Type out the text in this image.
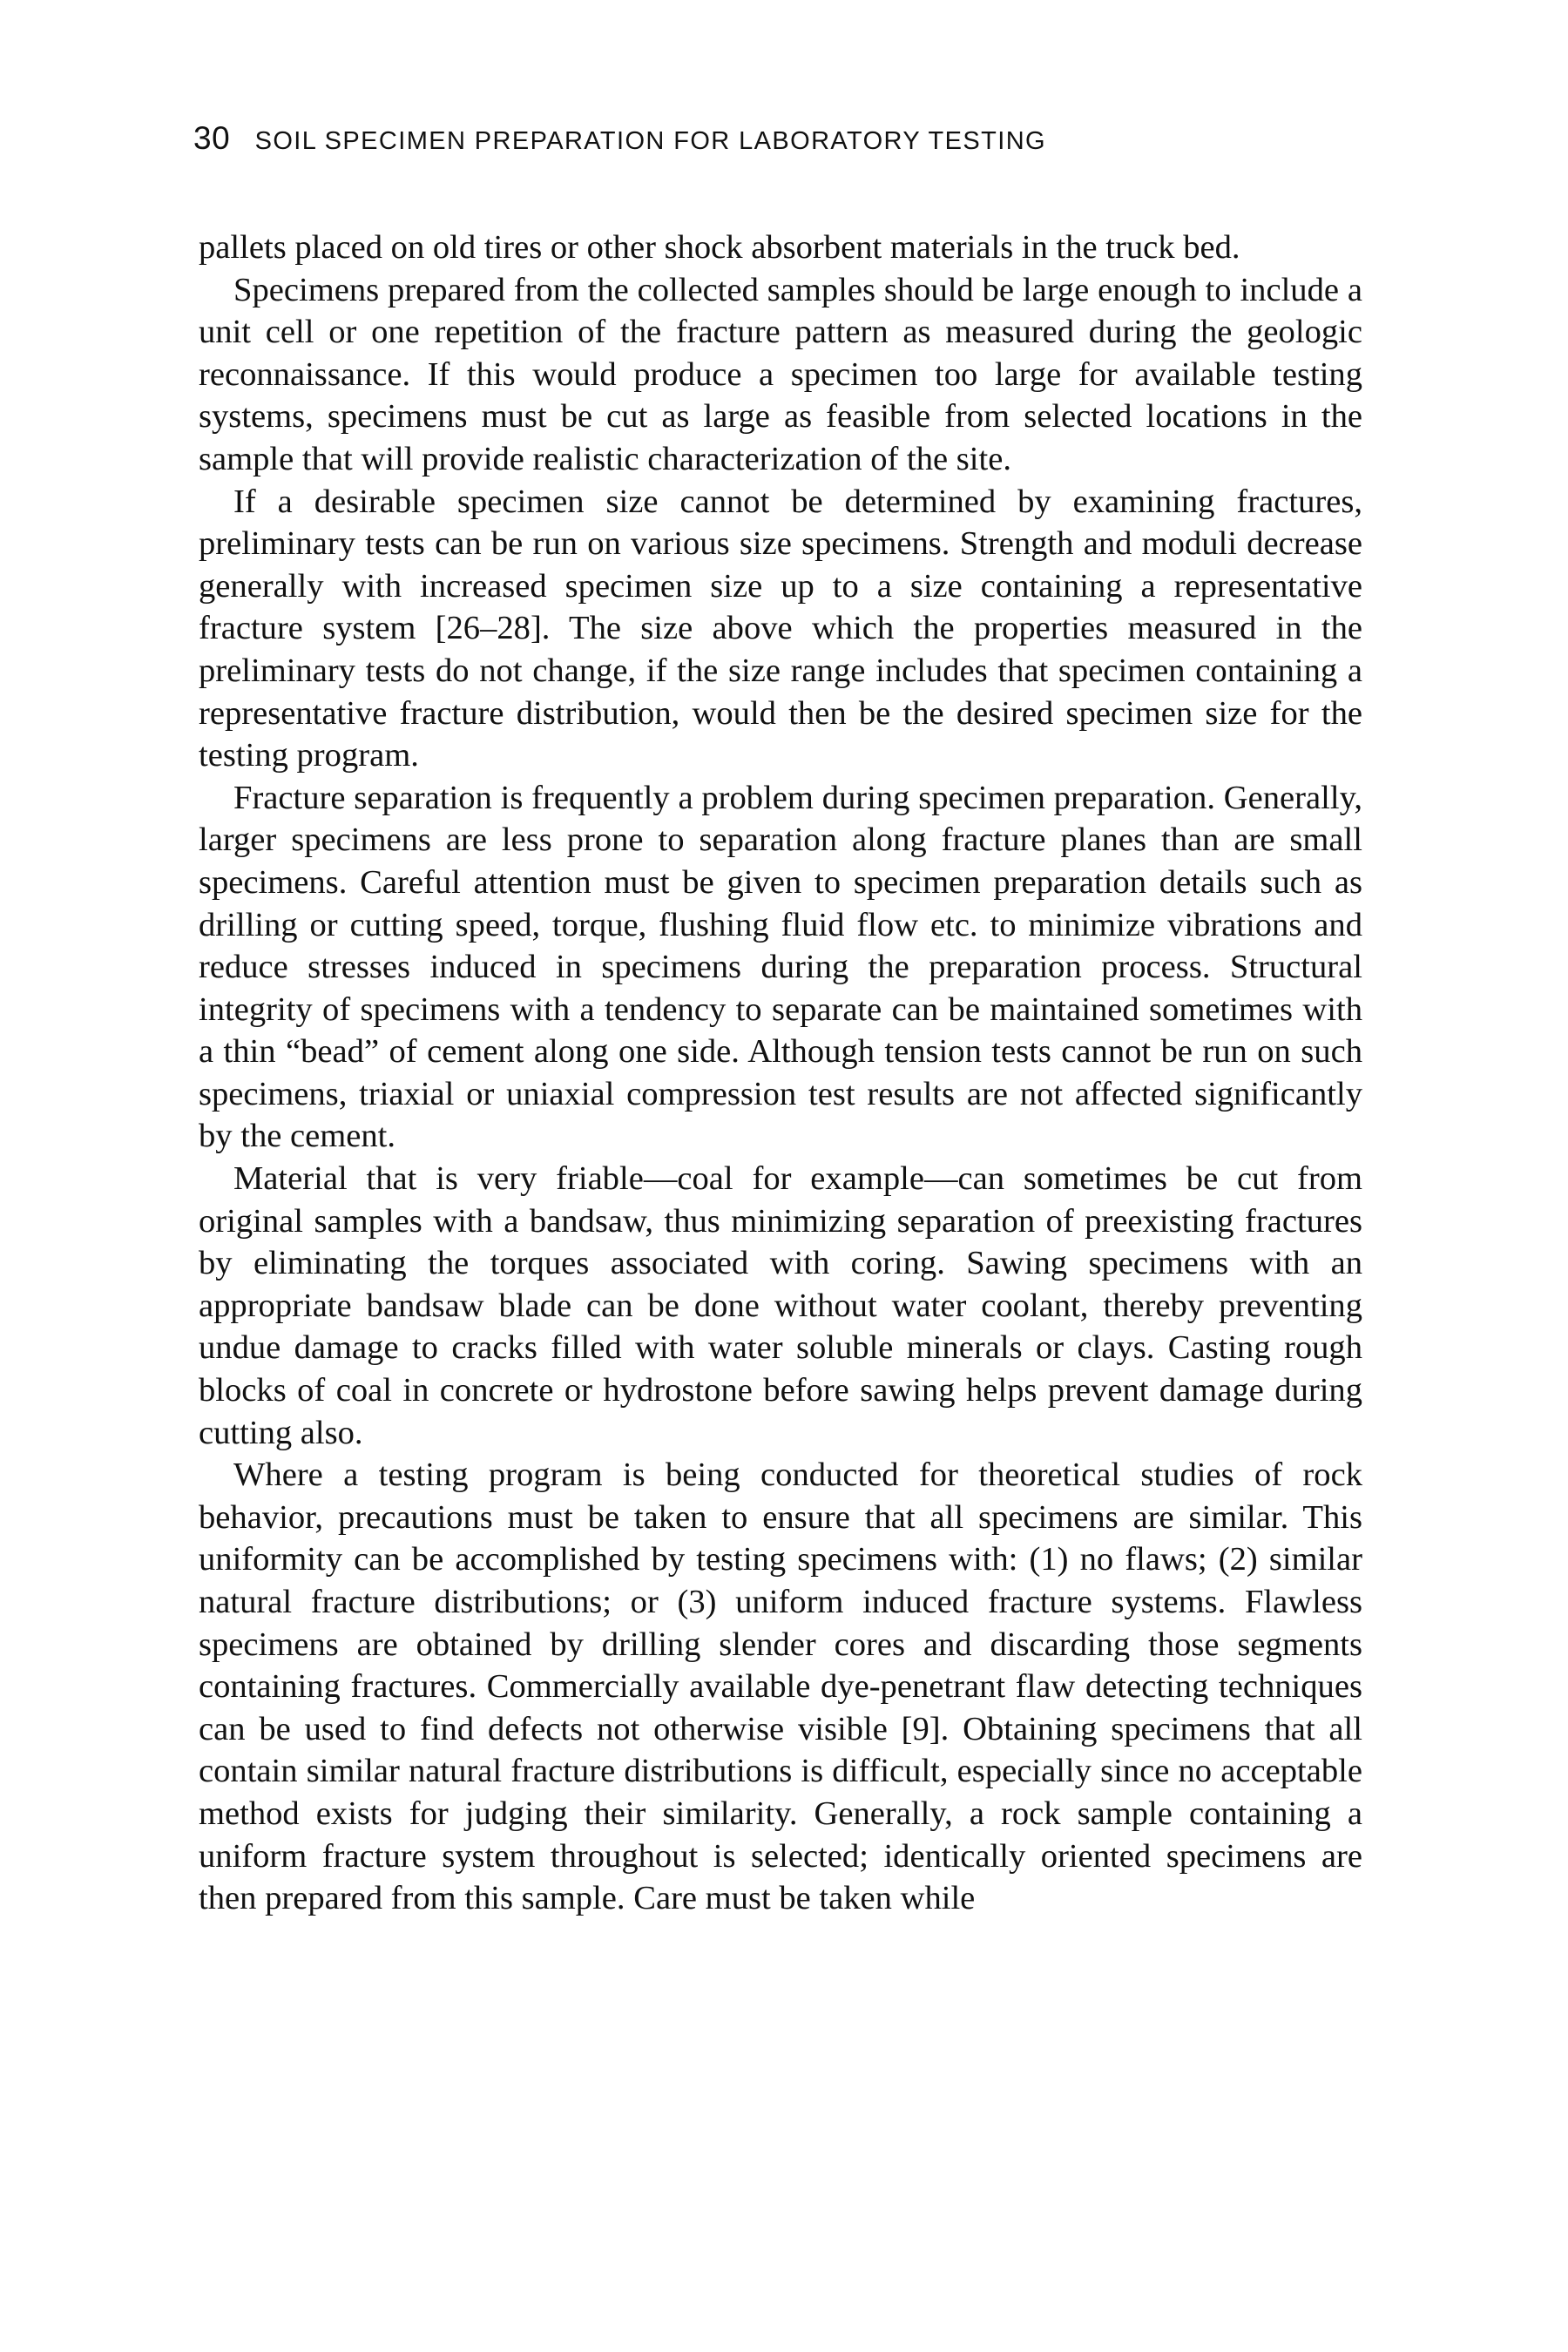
30 SOIL SPECIMEN PREPARATION FOR LABORATORY TESTING

pallets placed on old tires or other shock absorbent materials in the truck bed.

Specimens prepared from the collected samples should be large enough to include a unit cell or one repetition of the fracture pattern as measured during the geologic reconnaissance. If this would produce a specimen too large for available testing systems, specimens must be cut as large as feasible from selected locations in the sample that will provide realistic characterization of the site.

If a desirable specimen size cannot be determined by examining fractures, preliminary tests can be run on various size specimens. Strength and moduli decrease generally with increased specimen size up to a size containing a representative fracture system [26–28]. The size above which the properties measured in the preliminary tests do not change, if the size range includes that specimen containing a representative fracture distribution, would then be the desired specimen size for the testing program.

Fracture separation is frequently a problem during specimen preparation. Generally, larger specimens are less prone to separation along fracture planes than are small specimens. Careful attention must be given to specimen preparation details such as drilling or cutting speed, torque, flushing fluid flow etc. to minimize vibrations and reduce stresses induced in specimens during the preparation process. Structural integrity of specimens with a tendency to separate can be maintained sometimes with a thin “bead” of cement along one side. Although tension tests cannot be run on such specimens, triaxial or uniaxial compression test results are not affected significantly by the cement.

Material that is very friable—coal for example—can sometimes be cut from original samples with a bandsaw, thus minimizing separation of preexisting fractures by eliminating the torques associated with coring. Sawing specimens with an appropriate bandsaw blade can be done without water coolant, thereby preventing undue damage to cracks filled with water soluble minerals or clays. Casting rough blocks of coal in concrete or hydrostone before sawing helps prevent damage during cutting also.

Where a testing program is being conducted for theoretical studies of rock behavior, precautions must be taken to ensure that all specimens are similar. This uniformity can be accomplished by testing specimens with: (1) no flaws; (2) similar natural fracture distributions; or (3) uniform induced fracture systems. Flawless specimens are obtained by drilling slender cores and discarding those segments containing fractures. Commercially available dye-penetrant flaw detecting techniques can be used to find defects not otherwise visible [9]. Obtaining specimens that all contain similar natural fracture distributions is difficult, especially since no acceptable method exists for judging their similarity. Generally, a rock sample containing a uniform fracture system throughout is selected; identically oriented specimens are then prepared from this sample. Care must be taken while
